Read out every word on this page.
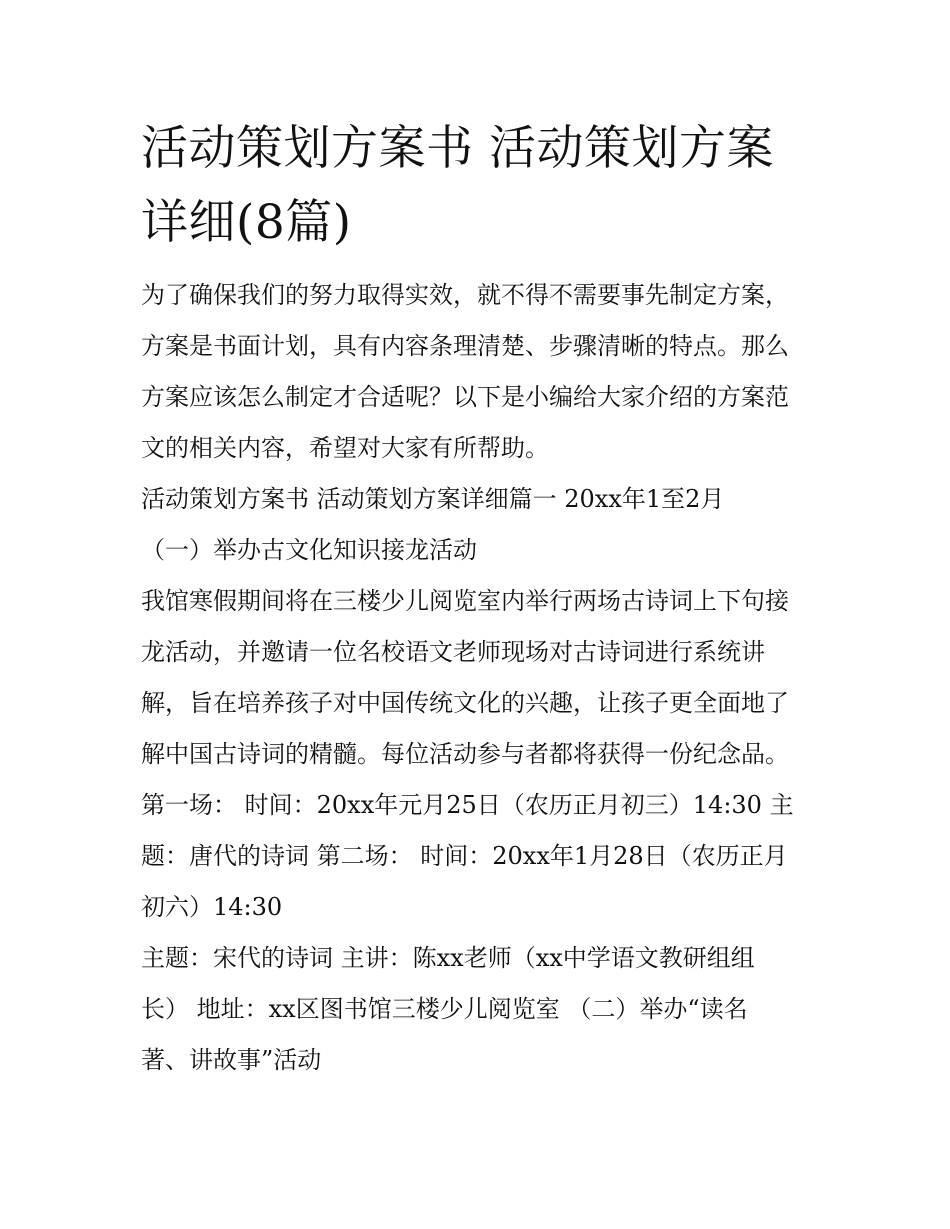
活动策划方案书 活动策划方案
详细(8篇)

为了确保我们的努力取得实效，就不得不需要事先制定方案，

方案是书面计划，具有内容条理清楚、步骤清晰的特点。那么

方案应该怎么制定才合适呢？以下是小编给大家介绍的方案范

文的相关内容，希望对大家有所帮助。

活动策划方案书 活动策划方案详细篇一 20xx年1至2月

（一）举办古文化知识接龙活动

我馆寒假期间将在三楼少儿阅览室内举行两场古诗词上下句接

龙活动，并邀请一位名校语文老师现场对古诗词进行系统讲

解，旨在培养孩子对中国传统文化的兴趣，让孩子更全面地了

解中国古诗词的精髓。每位活动参与者都将获得一份纪念品。

第一场： 时间：20xx年元月25日（农历正月初三）14:30 主

题：唐代的诗词 第二场： 时间：20xx年1月28日（农历正月

初六）14:30

主题：宋代的诗词 主讲：陈xx老师（xx中学语文教研组组

长） 地址：xx区图书馆三楼少儿阅览室 （二）举办“读名

著、讲故事”活动
